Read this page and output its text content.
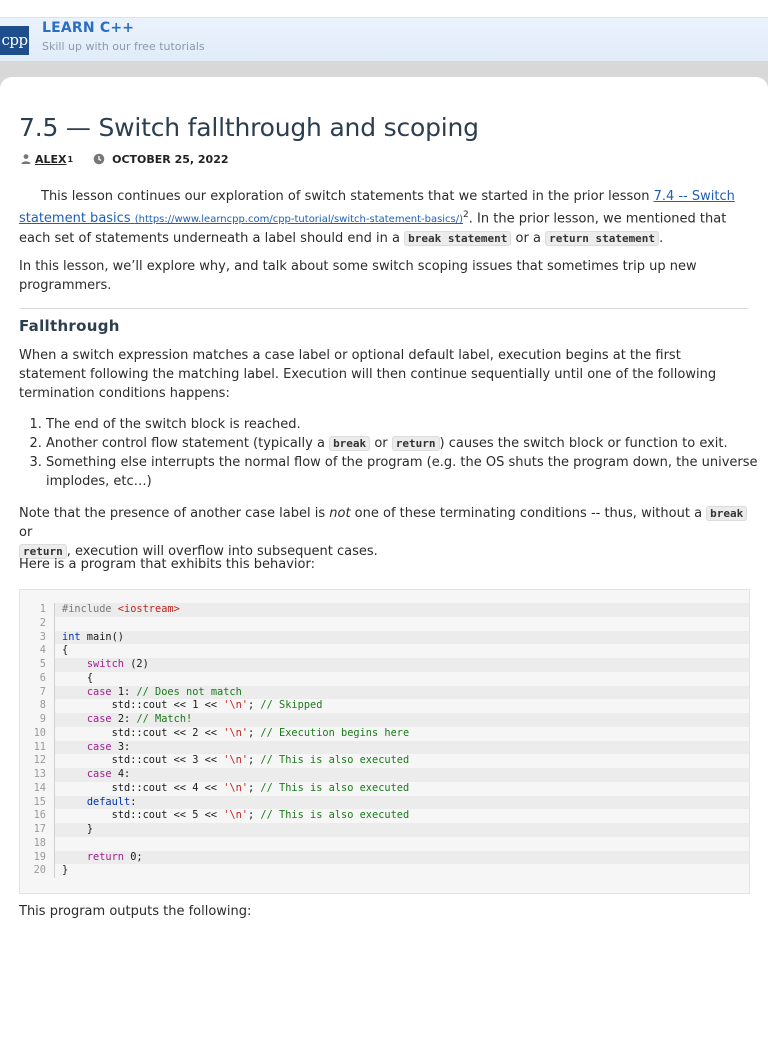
cpp
LEARN C++
Skill up with our free tutorials
7.5 — Switch fallthrough and scoping
ALEX 1	OCTOBER 25, 2022

This lesson continues our exploration of switch statements that we started in the prior lesson 7.4 -- Switch statement basics (https://www.learncpp.com/cpp-tutorial/switch-statement-basics/)$^2$. In the prior lesson, we mentioned that each set of statements underneath a label should end in a break statement or a return statement .

In this lesson, we’ll explore why, and talk about some switch scoping issues that sometimes trip up new programmers.

Fallthrough

When a switch expression matches a case label or optional default label, execution begins at the first statement following the matching label. Execution will then continue sequentially until one of the following termination conditions happens:

1. The end of the switch block is reached.
2. Another control flow statement (typically a break or return ) causes the switch block or function to exit.
3. Something else interrupts the normal flow of the program (e.g. the OS shuts the program down, the universe implodes, etc…)

Note that the presence of another case label is not one of these terminating conditions -- thus, without a break or
return , execution will overflow into subsequent cases.

Here is a program that exhibits this behavior:

1	#include <iostream>
2

3	int main()
4	{
5	switch (2)
6	{
7	case 1: // Does not match
8	std::cout << 1 << '\n'; // Skipped
9	case 2: // Match!
10	std::cout << 2 << '\n'; // Execution begins here
11	case 3:
12	std::cout << 3 << '\n'; // This is also executed
13	case 4:
14	std::cout << 4 << '\n'; // This is also executed
15	default:
16	std::cout << 5 << '\n'; // This is also executed
17	}
18

19	return 0;
20	}

This program outputs the following:
